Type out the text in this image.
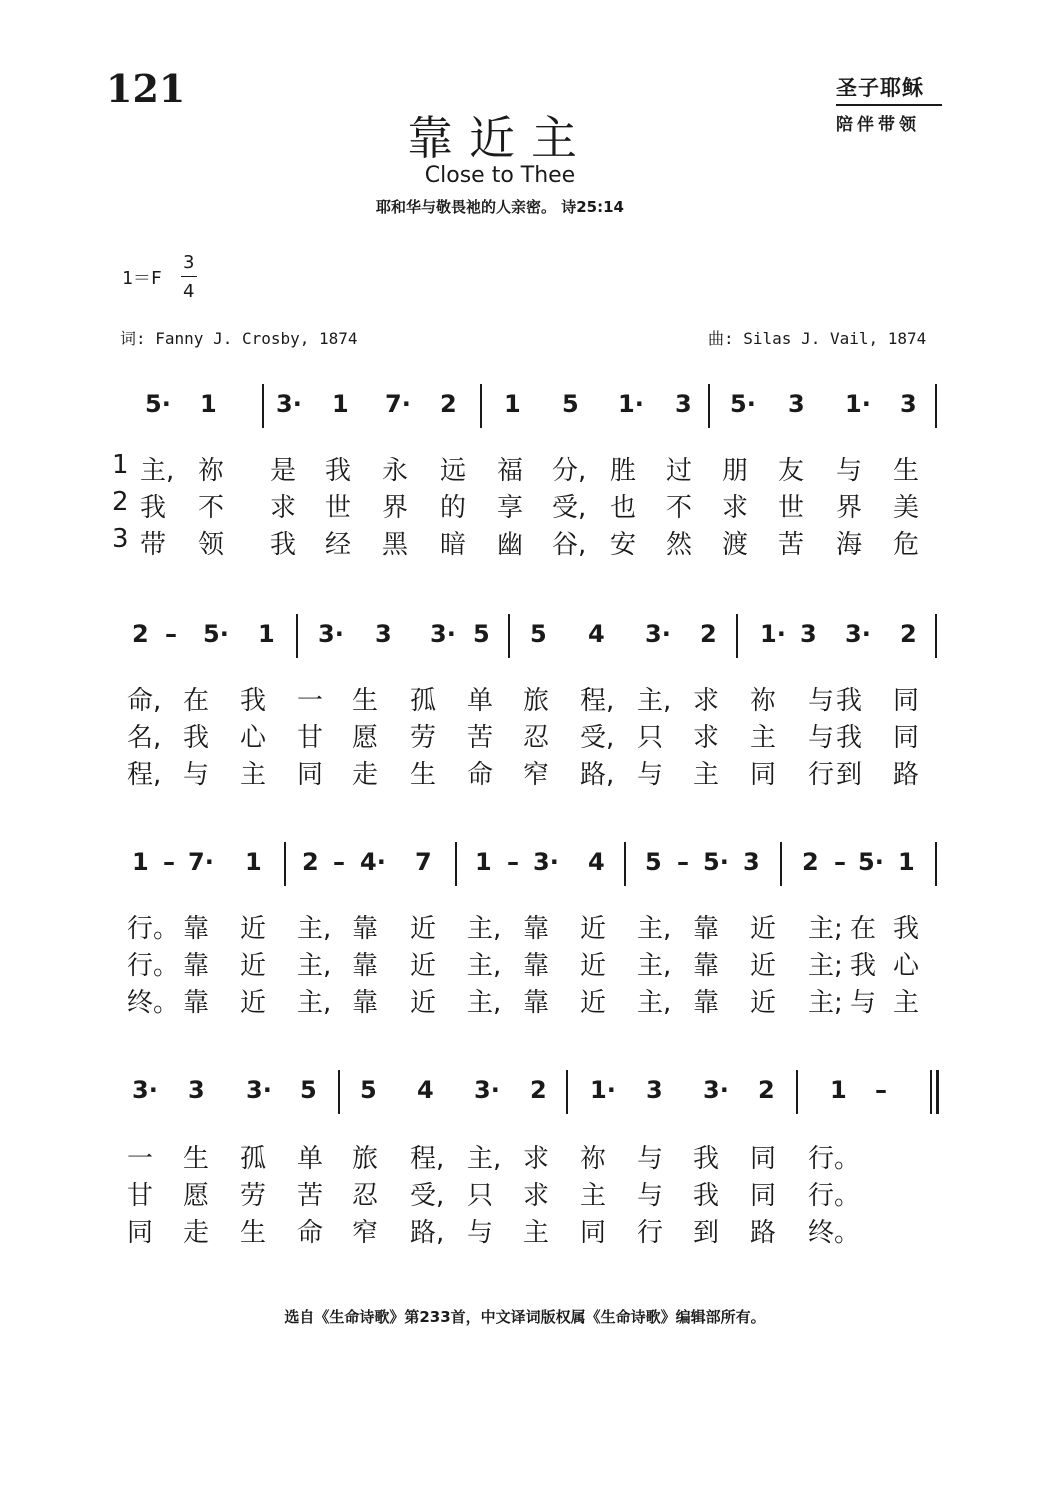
121	圣子耶稣
陪伴带领
靠近主
Close to Thee
耶和华与敬畏祂的人亲密。 诗25:14
1＝F
3
4
词: Fanny J. Crosby, 1874	曲: Silas J. Vail, 1874
5· 1 3· 1 7· 2 1 5 1· 3 5· 3 1· 3
1 主, 祢 是 我 永 远 福 分, 胜 过 朋 友 与 生
2 我 不 求 世 界 的 享 受, 也 不 求 世 界 美
3 带 领 我 经 黑 暗 幽 谷, 安 然 渡 苦 海 危
2 – 5· 1 3· 3 3· 5 5 4 3· 2 1· 3 3· 2
命, 在 我 一 生 孤 单 旅 程, 主, 求 祢 与 我 同
名, 我 心 甘 愿 劳 苦 忍 受, 只 求 主 与 我 同
程, 与 主 同 走 生 命 窄 路, 与 主 同 行 到 路
1 – 7· 1 2 – 4· 7 1 – 3· 4 5 – 5· 3 2 – 5· 1
行。 靠 近 主, 靠 近 主, 靠 近 主, 靠 近 主; 在 我
行。 靠 近 主, 靠 近 主, 靠 近 主, 靠 近 主; 我 心
终。 靠 近 主, 靠 近 主, 靠 近 主, 靠 近 主; 与 主
3· 3 3· 5 5 4 3· 2 1· 3 3· 2 1 –
一 生 孤 单 旅 程, 主, 求 祢 与 我 同 行。
甘 愿 劳 苦 忍 受, 只 求 主 与 我 同 行。
同 走 生 命 窄 路, 与 主 同 行 到 路 终。
选自《生命诗歌》第233首，中文译词版权属《生命诗歌》编辑部所有。
